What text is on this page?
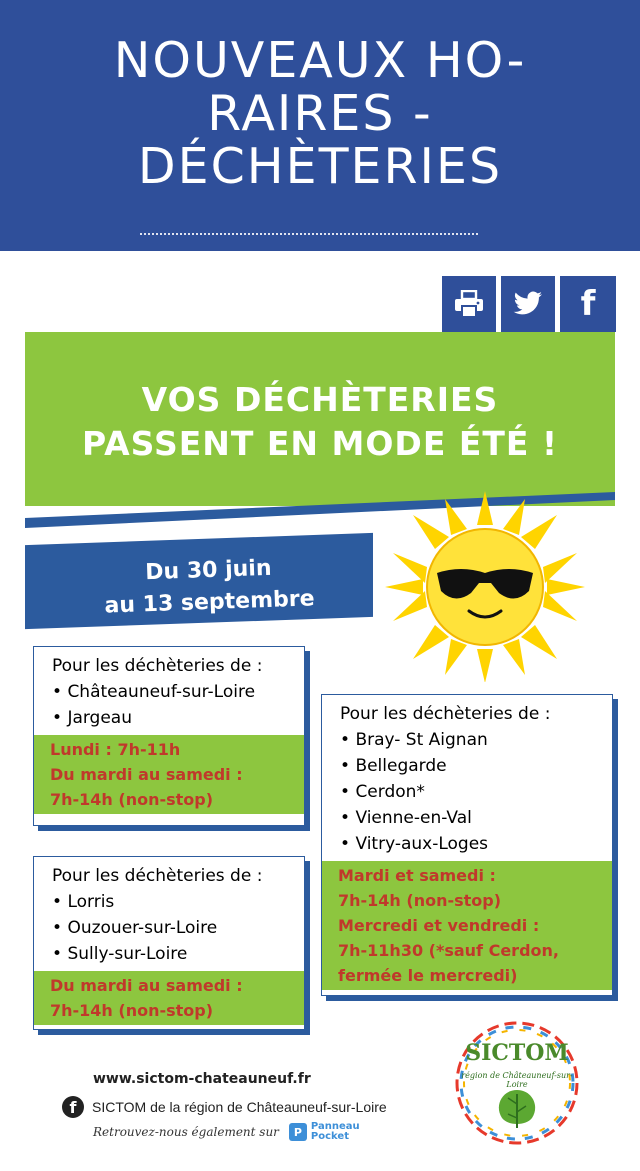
NOUVEAUX HO-
RAIRES -
DÉCHÈTERIES
f
VOS DÉCHÈTERIES
PASSENT EN MODE ÉTÉ !
Du 30 juin
au 13 septembre
Pour les déchèteries de :
• Châteauneuf-sur-Loire
• Jargeau
Lundi : 7h-11h
Du mardi au samedi :
7h-14h (non-stop)
Pour les déchèteries de :
• Lorris
• Ouzouer-sur-Loire
• Sully-sur-Loire
Du mardi au samedi :
7h-14h (non-stop)
Pour les déchèteries de :
• Bray- St Aignan
• Bellegarde
• Cerdon*
• Vienne-en-Val
• Vitry-aux-Loges
Mardi et samedi :
7h-14h (non-stop)
Mercredi et vendredi :
7h-11h30 (*sauf Cerdon,
fermée le mercredi)
www.sictom-chateauneuf.fr
f	SICTOM de la région de Châteauneuf-sur-Loire
Retrouvez-nous également sur	P Panneau
Pocket
SICTOM
région de Châteauneuf-sur-Loire
